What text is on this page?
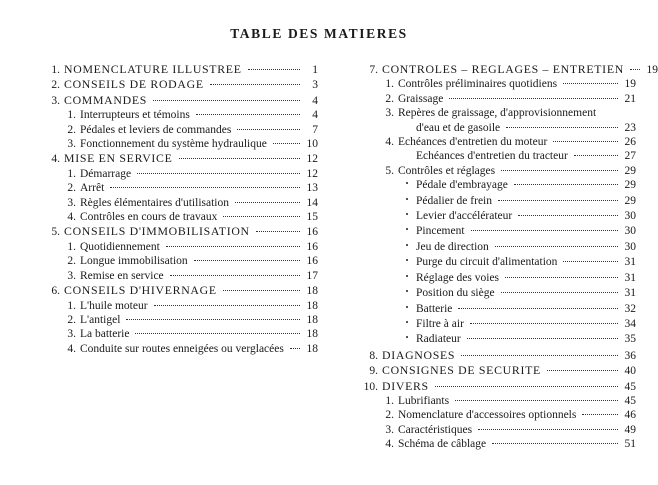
TABLE DES MATIERES
1. NOMENCLATURE ILLUSTREE	1
2. CONSEILS DE RODAGE	3
3. COMMANDES	4
1. Interrupteurs et témoins	4
2. Pédales et leviers de commandes	7
3. Fonctionnement du système hydraulique	10
4. MISE EN SERVICE	12
1. Démarrage	12
2. Arrêt	13
3. Règles élémentaires d'utilisation	14
4. Contrôles en cours de travaux	15
5. CONSEILS D'IMMOBILISATION	16
1. Quotidiennement	16
2. Longue immobilisation	16
3. Remise en service	17
6. CONSEILS D'HIVERNAGE	18
1. L'huile moteur	18
2. L'antigel	18
3. La batterie	18
4. Conduite sur routes enneigées ou verglacées 18
7. CONTROLES – REGLAGES – ENTRETIEN 19
1. Contrôles préliminaires quotidiens	19
2. Graissage	21
3. Repères de graissage, d'approvisionnement
d'eau et de gasoile	23
4. Echéances d'entretien du moteur	26
Echéances d'entretien du tracteur	27
5. Contrôles et réglages	29
• Pédale d'embrayage	29
• Pédalier de frein	29
• Levier d'accélérateur	30
• Pincement	30
• Jeu de direction	30
• Purge du circuit d'alimentation	31
• Réglage des voies	31
• Position du siège	31
• Batterie	32
• Filtre à air	34
• Radiateur	35
8. DIAGNOSES	36
9. CONSIGNES DE SECURITE	40
10. DIVERS	45
1. Lubrifiants	45
2. Nomenclature d'accessoires optionnels	46
3. Caractéristiques	49
4. Schéma de câblage	51
